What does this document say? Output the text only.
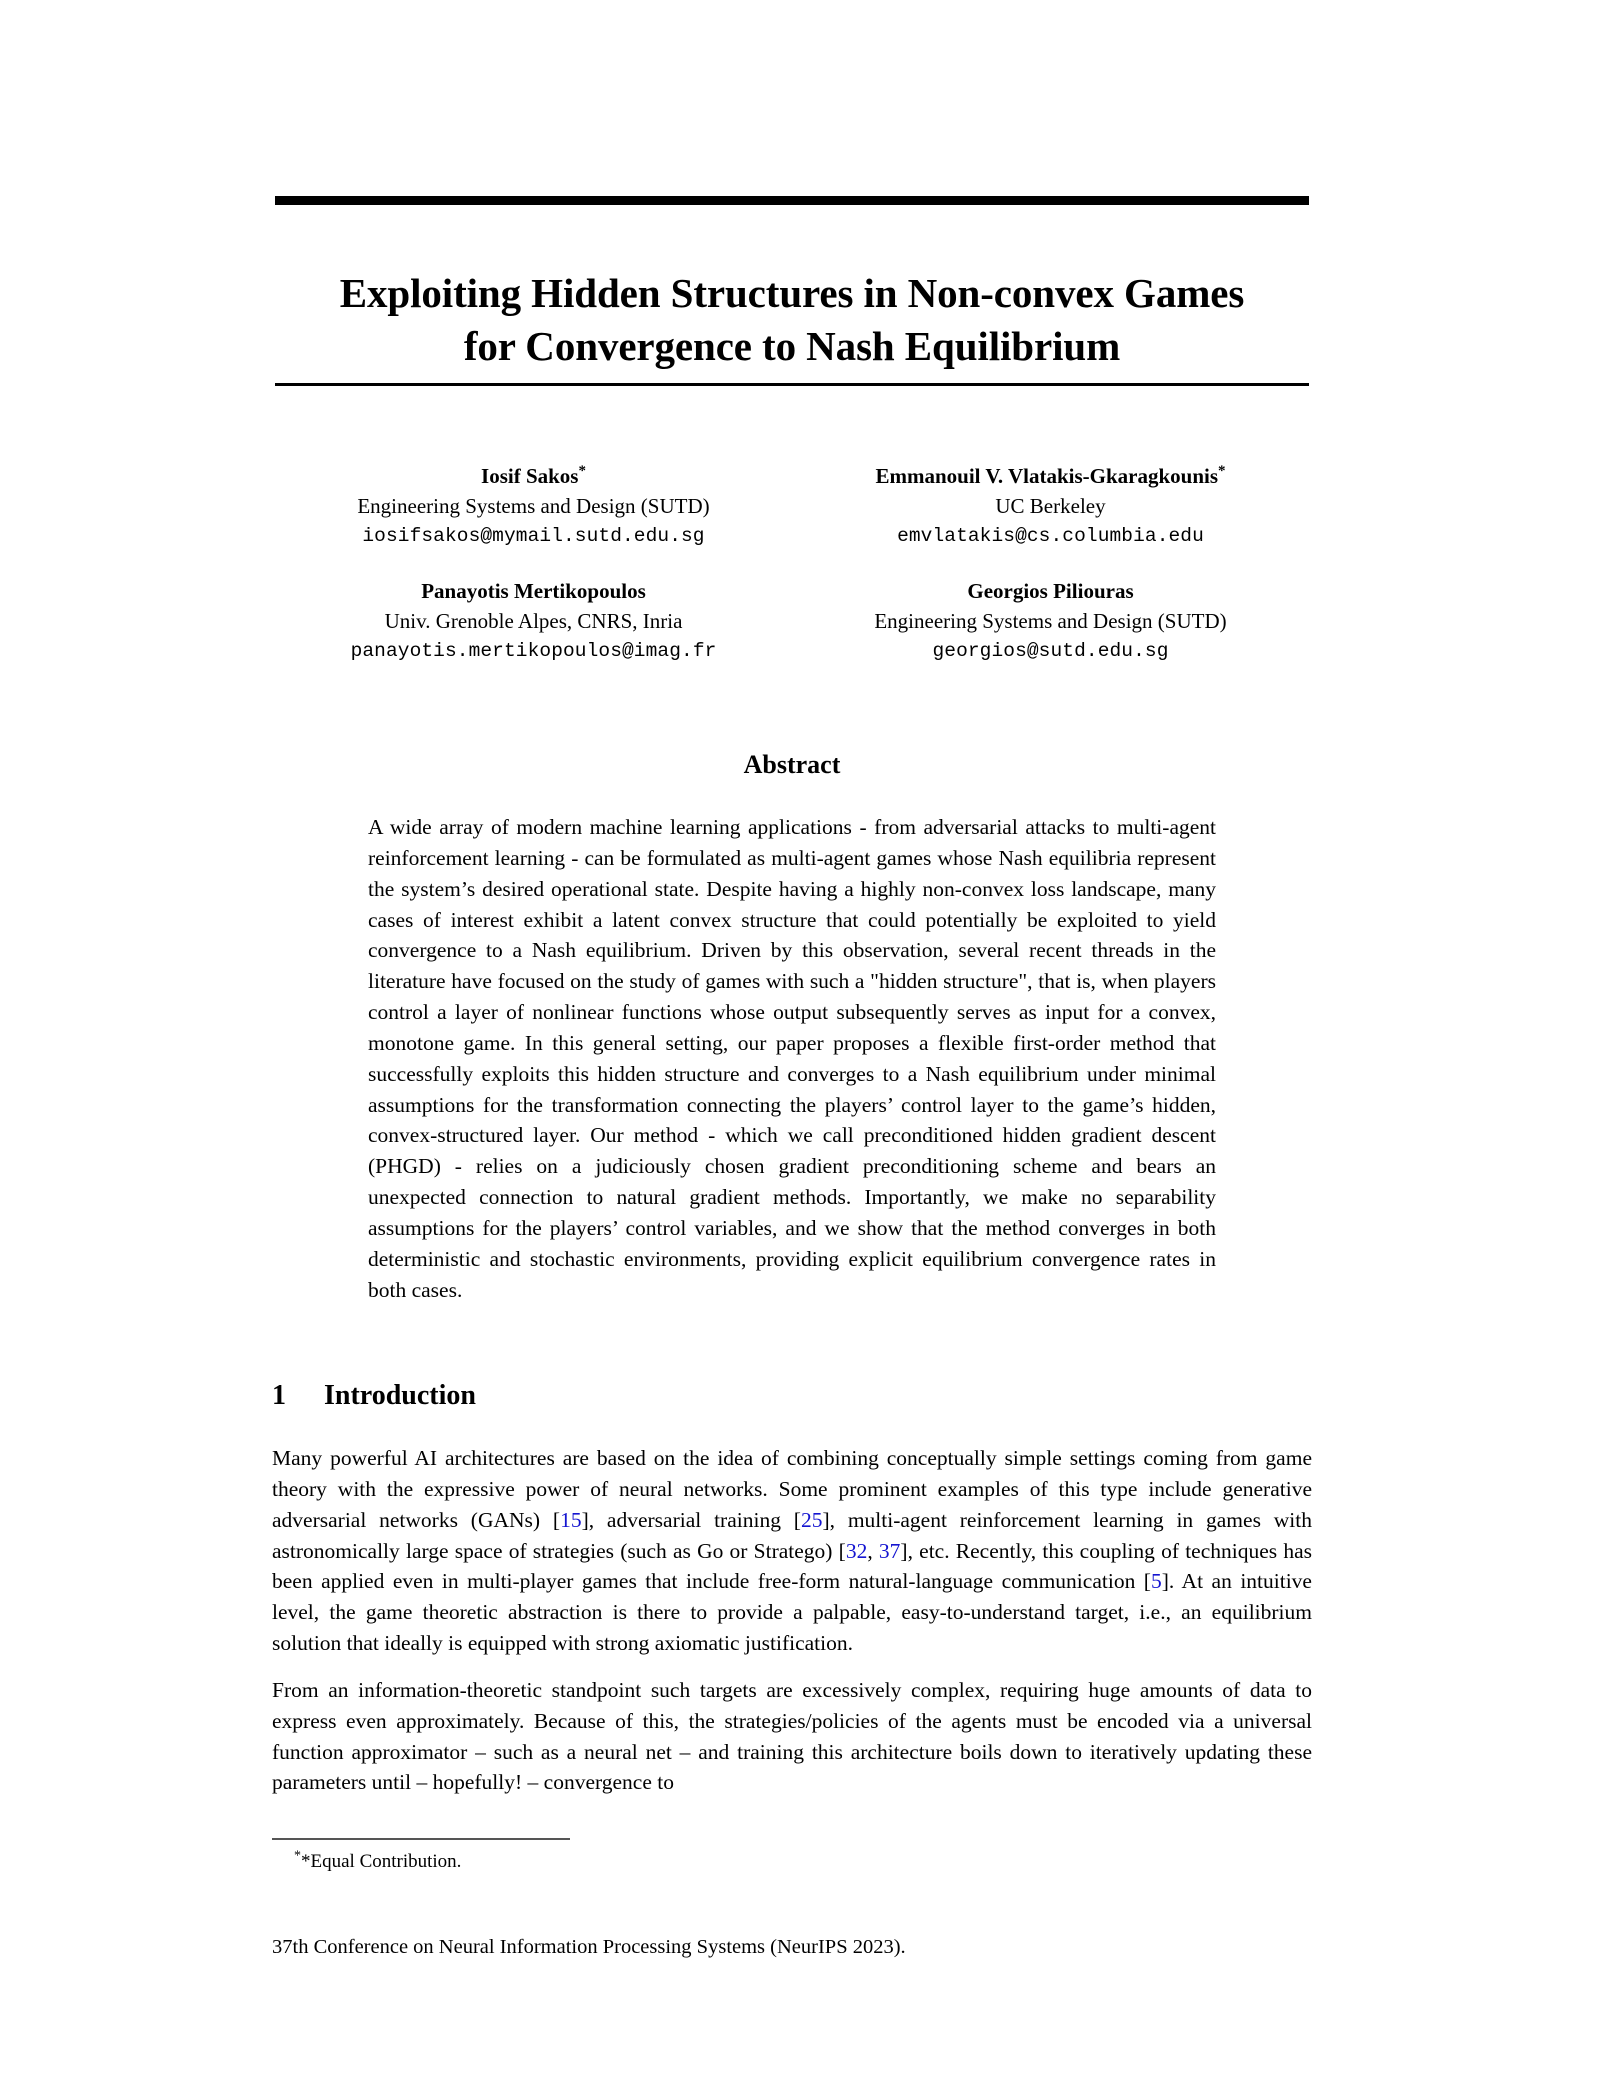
Exploiting Hidden Structures in Non-convex Games
for Convergence to Nash Equilibrium
Iosif Sakos*
Engineering Systems and Design (SUTD)
iosifsakos@mymail.sutd.edu.sg
Emmanouil V. Vlatakis-Gkaragkounis*
UC Berkeley
emvlatakis@cs.columbia.edu
Panayotis Mertikopoulos
Univ. Grenoble Alpes, CNRS, Inria
panayotis.mertikopoulos@imag.fr
Georgios Piliouras
Engineering Systems and Design (SUTD)
georgios@sutd.edu.sg
Abstract
A wide array of modern machine learning applications - from adversarial attacks to multi-agent reinforcement learning - can be formulated as multi-agent games whose Nash equilibria represent the system’s desired operational state. Despite having a highly non-convex loss landscape, many cases of interest exhibit a latent convex structure that could potentially be exploited to yield convergence to a Nash equilibrium. Driven by this observation, several recent threads in the literature have focused on the study of games with such a "hidden structure", that is, when players control a layer of nonlinear functions whose output subsequently serves as input for a convex, monotone game. In this general setting, our paper proposes a flexible first-order method that successfully exploits this hidden structure and converges to a Nash equilibrium under minimal assumptions for the transformation connecting the players’ control layer to the game’s hidden, convex-structured layer. Our method - which we call preconditioned hidden gradient descent (PHGD) - relies on a judiciously chosen gradient preconditioning scheme and bears an unexpected connection to natural gradient methods. Importantly, we make no separability assumptions for the players’ control variables, and we show that the method converges in both deterministic and stochastic environments, providing explicit equilibrium convergence rates in both cases.
1 Introduction

Many powerful AI architectures are based on the idea of combining conceptually simple settings coming from game theory with the expressive power of neural networks. Some prominent examples of this type include generative adversarial networks (GANs) [15], adversarial training [25], multi-agent reinforcement learning in games with astronomically large space of strategies (such as Go or Stratego) [32, 37], etc. Recently, this coupling of techniques has been applied even in multi-player games that include free-form natural-language communication [5]. At an intuitive level, the game theoretic abstraction is there to provide a palpable, easy-to-understand target, i.e., an equilibrium solution that ideally is equipped with strong axiomatic justification.

From an information-theoretic standpoint such targets are excessively complex, requiring huge amounts of data to express even approximately. Because of this, the strategies/policies of the agents must be encoded via a universal function approximator – such as a neural net – and training this architecture boils down to iteratively updating these parameters until – hopefully! – convergence to

**Equal Contribution.
37th Conference on Neural Information Processing Systems (NeurIPS 2023).
